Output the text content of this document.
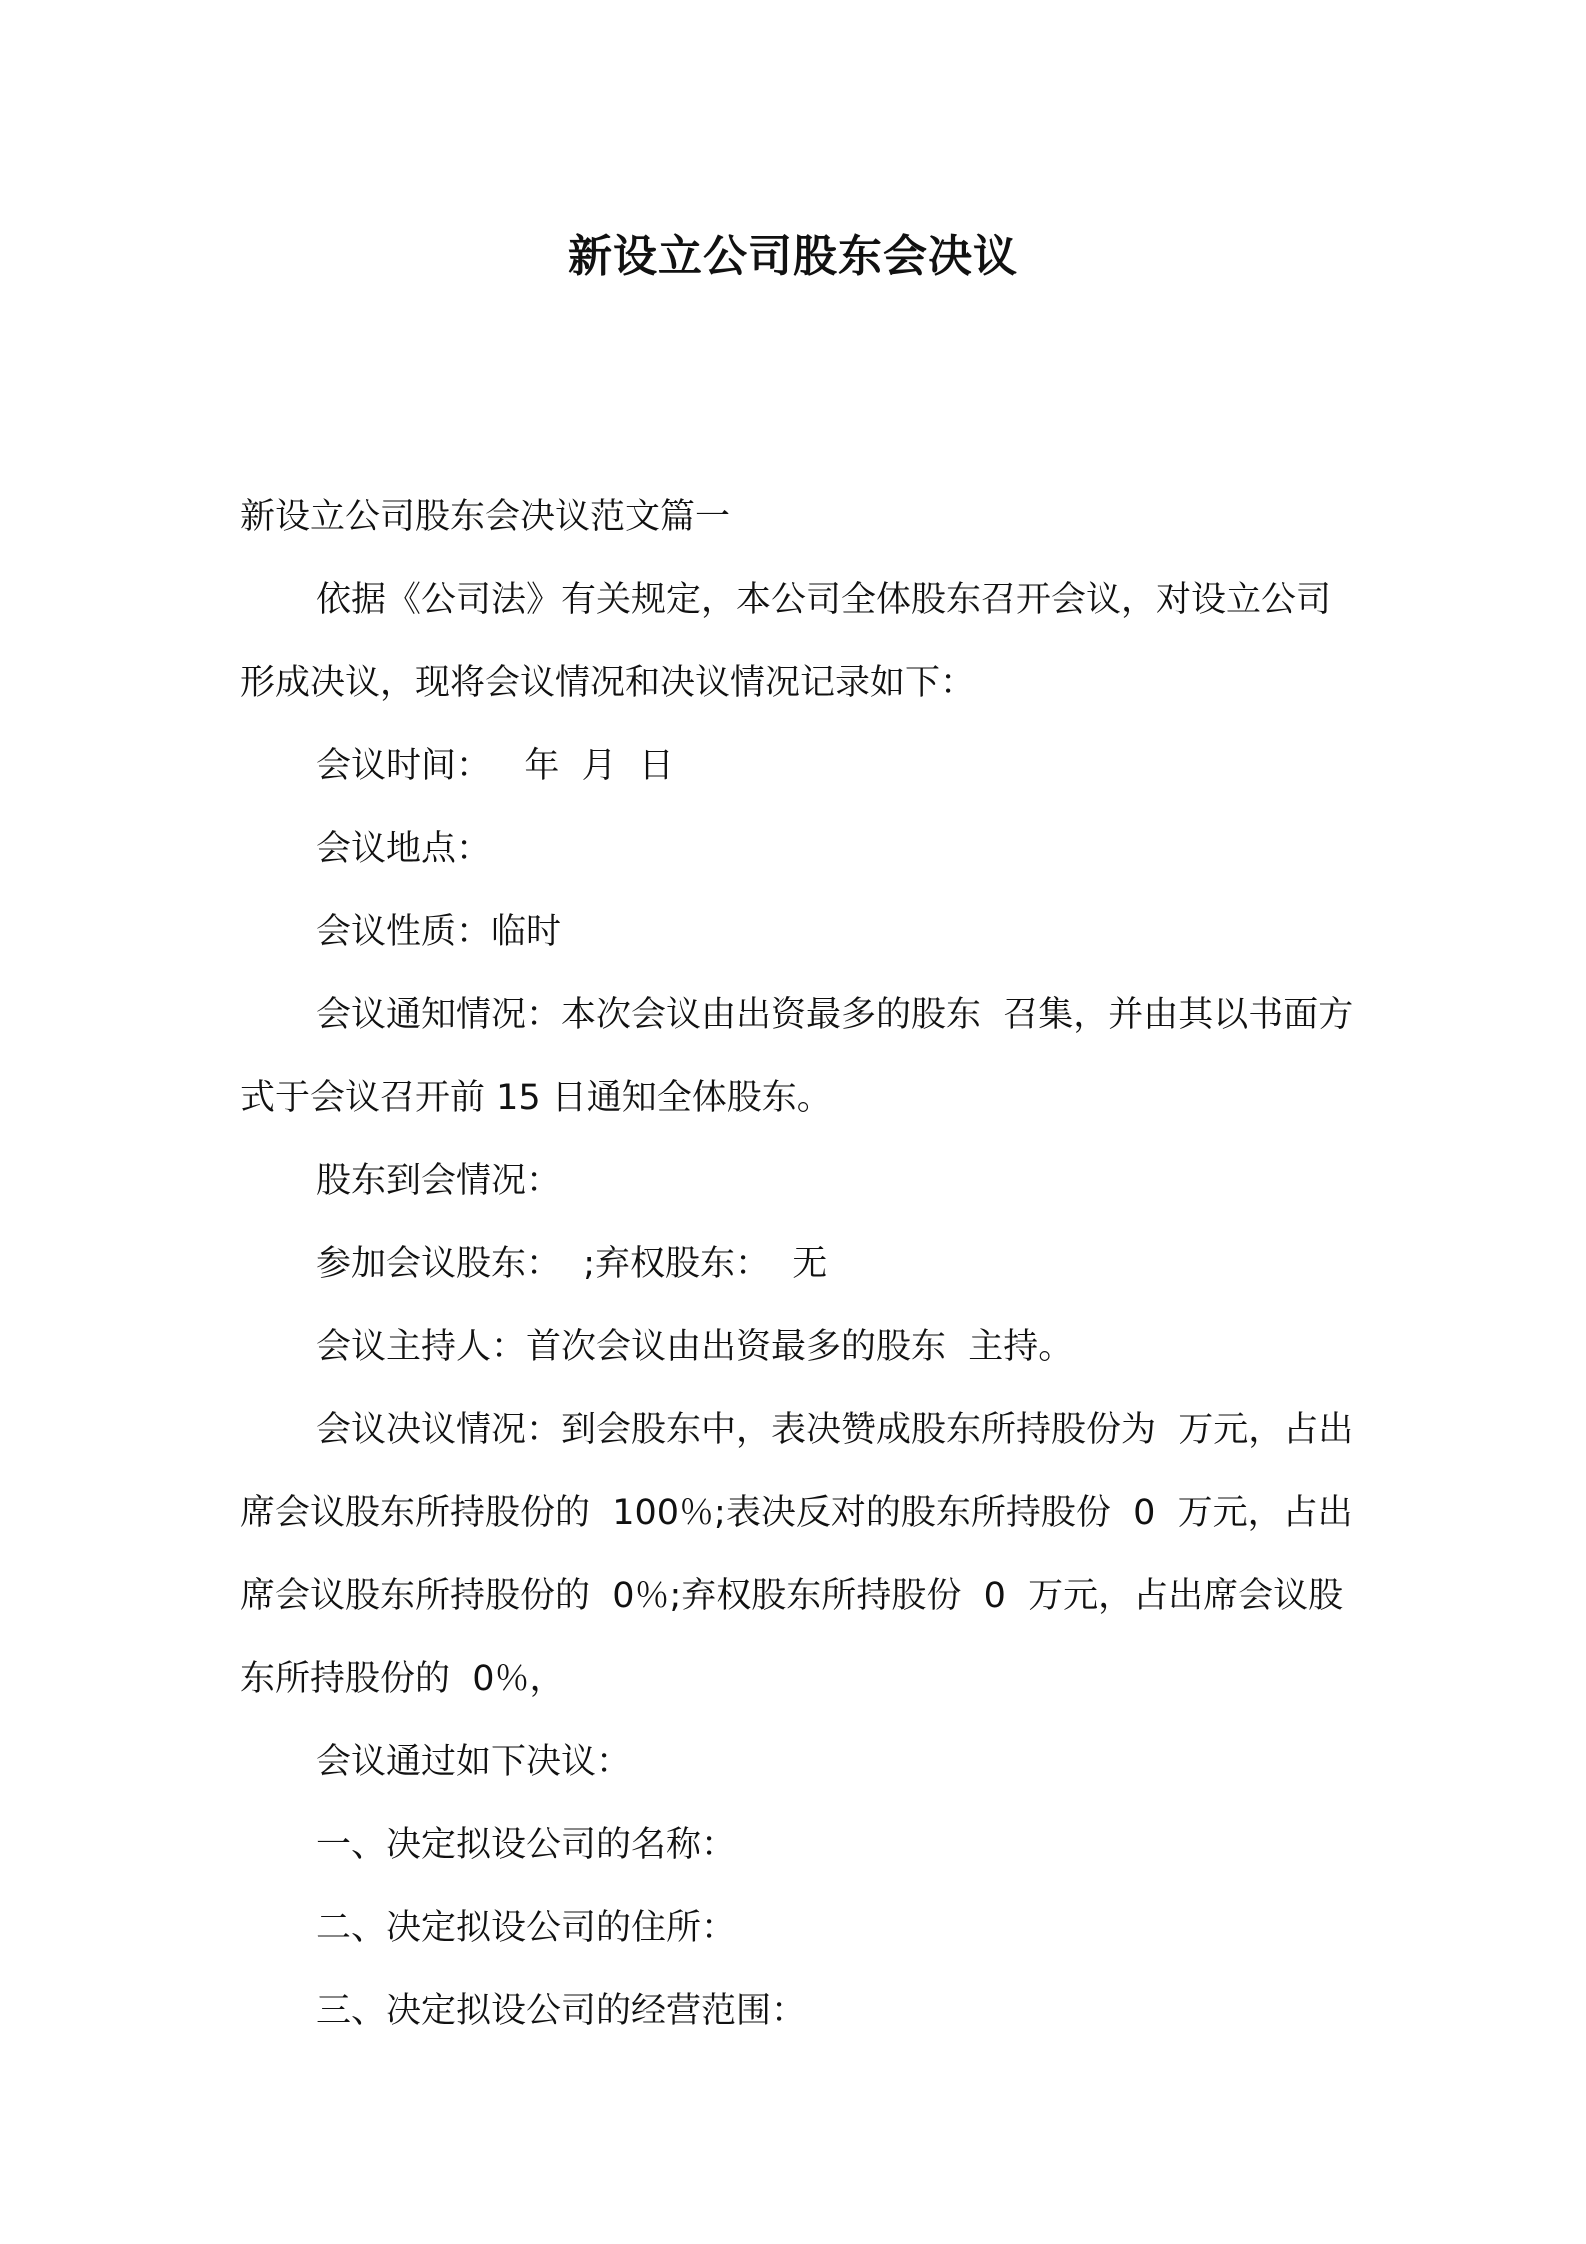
新设立公司股东会决议

新设立公司股东会决议范文篇一

依据《公司法》有关规定，本公司全体股东召开会议，对设立公司形成决议，现将会议情况和决议情况记录如下：

会议时间：   年  月  日

会议地点：

会议性质：临时

会议通知情况：本次会议由出资最多的股东  召集，并由其以书面方式于会议召开前 15 日通知全体股东。

股东到会情况：

参加会议股东：  ;弃权股东：  无

会议主持人：首次会议由出资最多的股东  主持。

会议决议情况：到会股东中，表决赞成股东所持股份为  万元，占出席会议股东所持股份的  100％;表决反对的股东所持股份  0  万元，占出席会议股东所持股份的  0％;弃权股东所持股份  0  万元，占出席会议股东所持股份的  0％，

会议通过如下决议：

一、决定拟设公司的名称：

二、决定拟设公司的住所：

三、决定拟设公司的经营范围：
